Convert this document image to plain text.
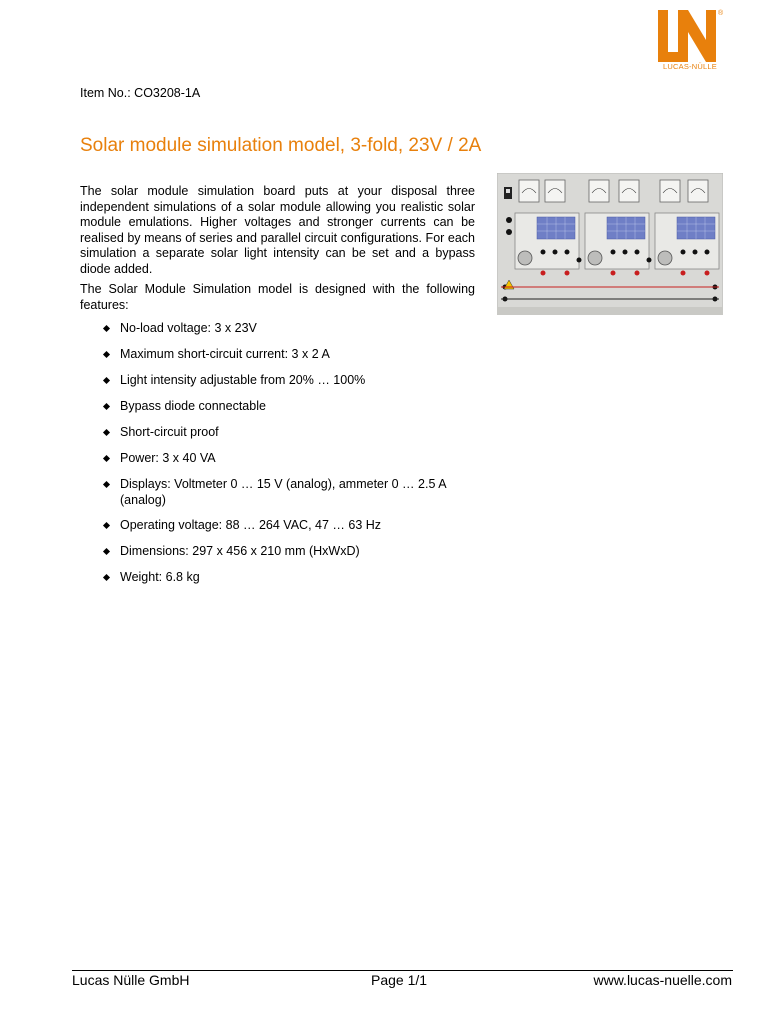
®
LUCAS-NÜLLE
Item No.: CO3208-1A
Solar module simulation model, 3-fold, 23V / 2A

The solar module simulation board puts at your disposal three independent simulations of a solar module allowing you realistic solar module emulations. Higher voltages and stronger currents can be realised by means of series and parallel circuit configurations. For each simulation a separate solar light intensity can be set and a bypass diode added.

The Solar Module Simulation model is designed with the following features:

No-load voltage: 3 x 23V
Maximum short-circuit current: 3 x 2 A
Light intensity adjustable from 20% … 100%
Bypass diode connectable
Short-circuit proof
Power: 3 x 40 VA
Displays: Voltmeter 0 … 15 V (analog), ammeter 0 … 2.5 A (analog)
Operating voltage: 88 … 264 VAC, 47 … 63 Hz
Dimensions: 297 x 456 x 210 mm (HxWxD)
Weight: 6.8 kg
Lucas Nülle GmbH	Page 1/1	www.lucas-nuelle.com
